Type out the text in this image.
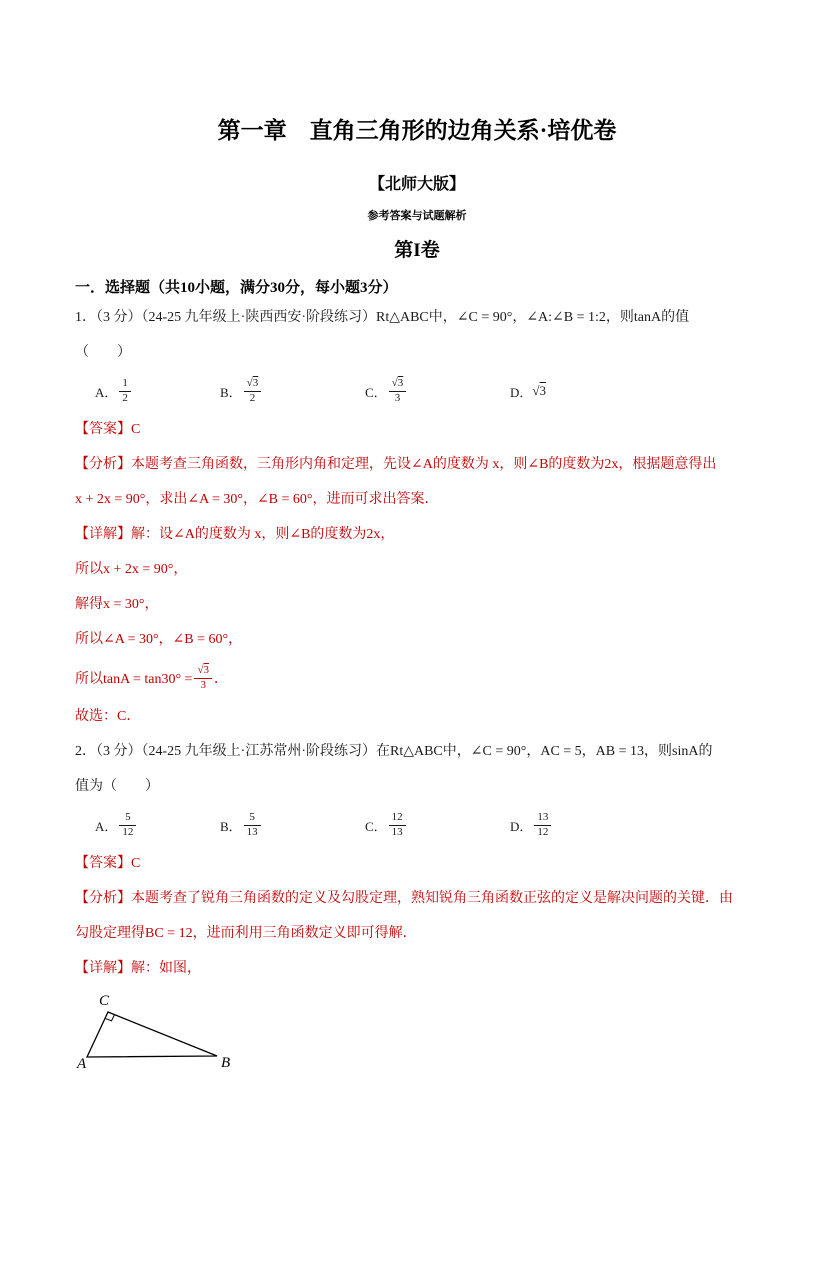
第一章　直角三角形的边角关系·培优卷
【北师大版】
参考答案与试题解析
第I卷
一．选择题（共10小题，满分30分，每小题3分）

1．（3 分）（24-25 九年级上·陕西西安·阶段练习）Rt△ABC中，∠C = 90°，∠A:∠B = 1:2，则tanA的值

（　　）

A． $\frac{1}{2}$	B． $\frac{√3}{2}$	C． $\frac{√3}{3}$	D． √3

【答案】C

【分析】本题考查三角函数，三角形内角和定理，先设∠A的度数为 x，则∠B的度数为2x，根据题意得出

x + 2x = 90°，求出∠A = 30°，∠B = 60°，进而可求出答案．

【详解】解：设∠A的度数为 x，则∠B的度数为2x，

所以x + 2x = 90°，

解得x = 30°，

所以∠A = 30°，∠B = 60°，

所以$\tan A = \tan 30^\circ = \frac{√3}{3}$ ．

故选：C．

2．（3 分）（24-25 九年级上·江苏常州·阶段练习）在Rt△ABC中，∠C = 90°，AC = 5，AB = 13，则sinA的

值为（　　）

A． $\frac{5}{12}$	B． $\frac{5}{13}$	C． $\frac{12}{13}$	D． $\frac{13}{12}$

【答案】C

【分析】本题考查了锐角三角函数的定义及勾股定理，熟知锐角三角函数正弦的定义是解决问题的关键．由

勾股定理得BC = 12，进而利用三角函数定义即可得解．

【详解】解：如图，

A	B
C
